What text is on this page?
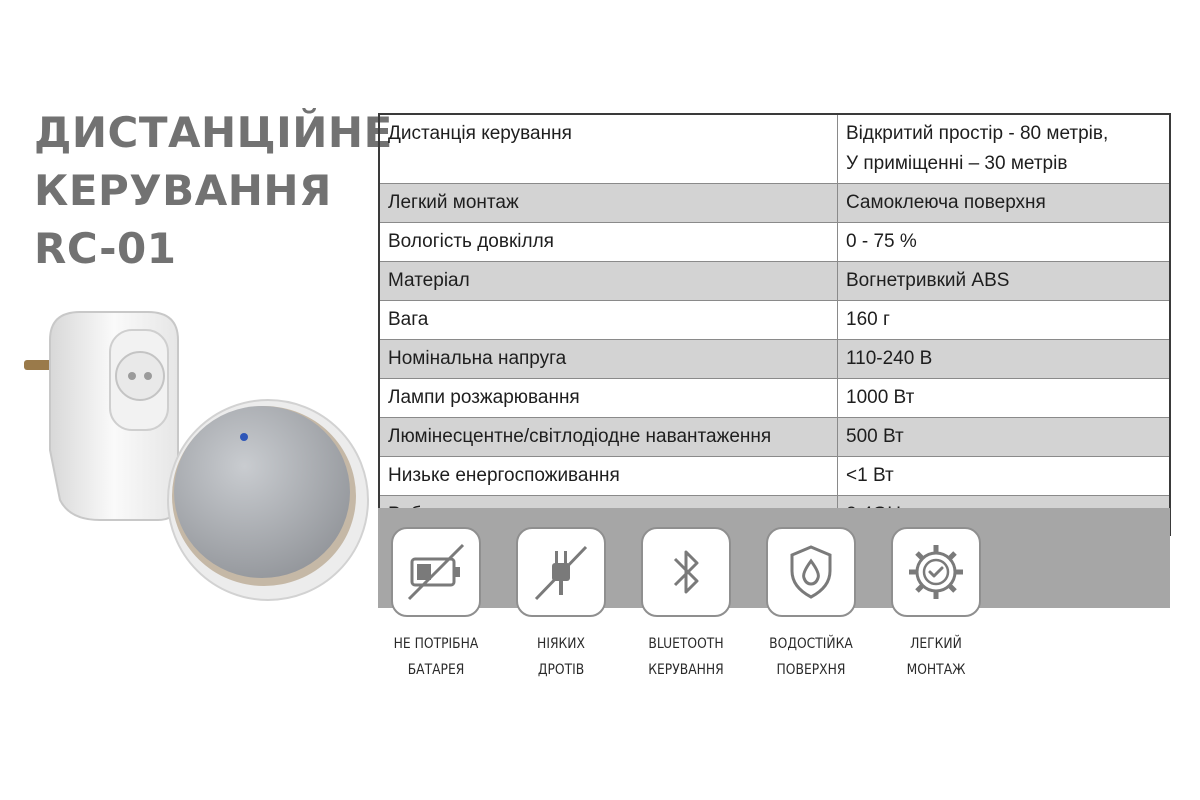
ДИСТАНЦІЙНЕ
КЕРУВАННЯ
RC-01
Дистанція керування	Відкритий простір - 80 метрів,
У приміщенні – 30 метрів
Легкий монтаж	Самоклеюча поверхня
Вологість довкілля	0 - 75 %
Матеріал	Вогнетривкий ABS
Вага	160 г
Номінальна напруга	110-240 В
Лампи розжарювання	1000 Вт
Люмінесцентне/світлодіодне навантаження	500 Вт
Низьке енергоспоживання	<1 Вт

НЕ ПОТРІБНА
БАТАРЕЯ
НІЯКИХ
ДРОТІВ
BLUETOOTH
КЕРУВАННЯ
ВОДОСТІЙКА
ПОВЕРХНЯ
ЛЕГКИЙ
МОНТАЖ
